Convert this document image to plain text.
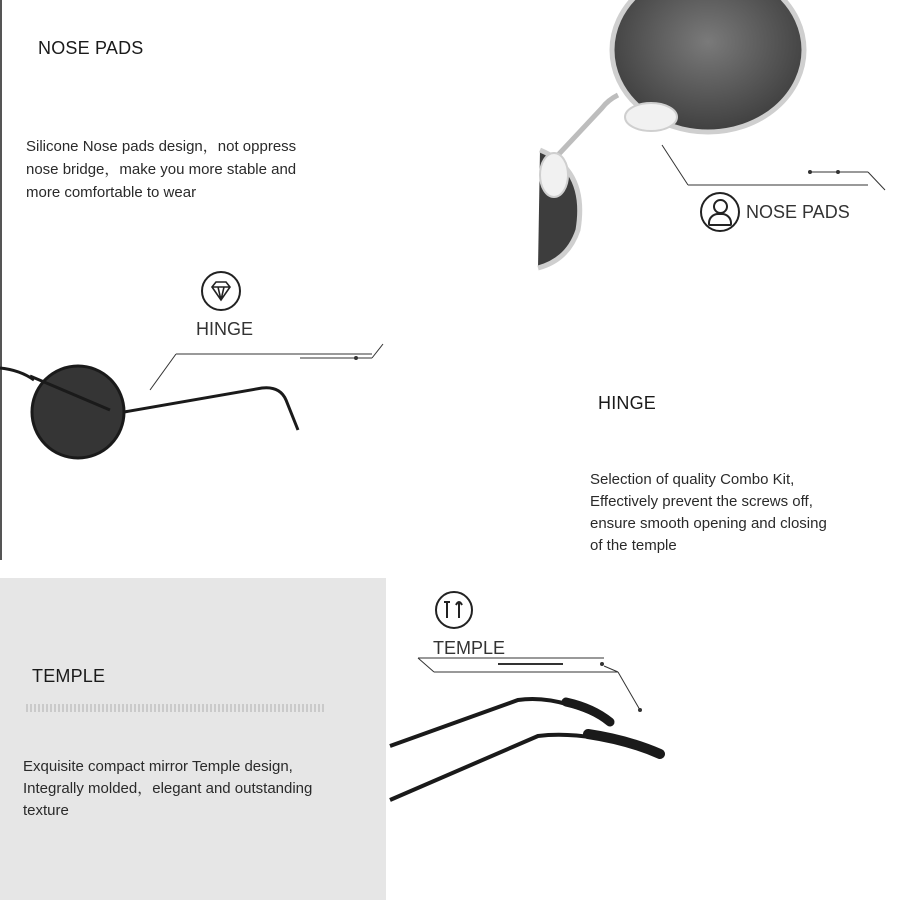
NOSE PADS
Silicone Nose pads design，not oppress
nose bridge，make you more stable and
more comfortable to wear
NOSE PADS
HINGE
HINGE
Selection of quality Combo Kit,
Effectively prevent the screws off,
ensure smooth opening and closing
of the temple
TEMPLE
Exquisite compact mirror Temple design,
Integrally molded，elegant and outstanding
texture
TEMPLE
